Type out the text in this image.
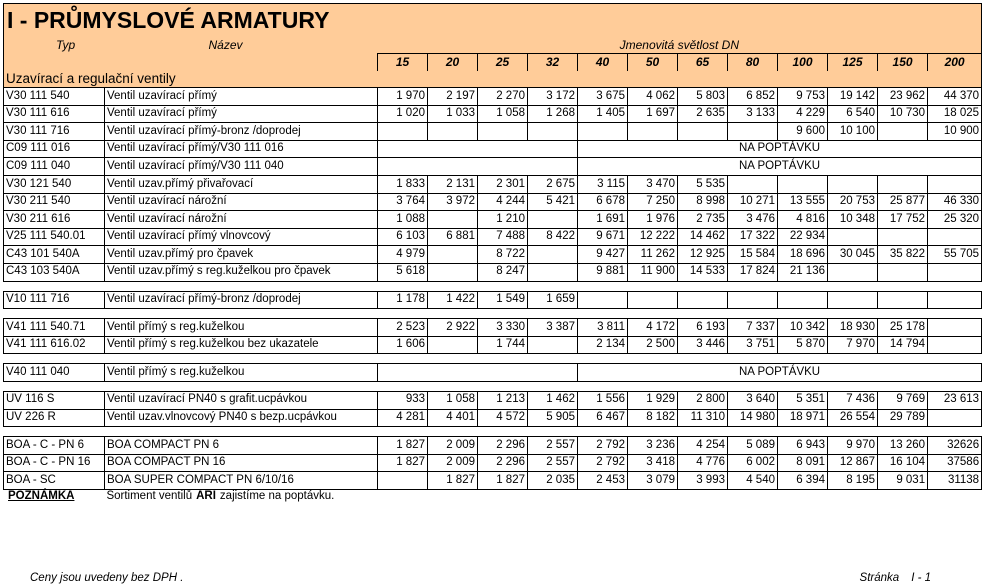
I - PRŮMYSLOVÉ ARMATURY													
Typ	Název	Jmenovitá světlost DN											
		15	20	25	32	40	50	65	80	100	125	150	200
Uzavírací a regulační ventily													
V30 111 540	Ventil uzavírací přímý	1 970	2 197	2 270	3 172	3 675	4 062	5 803	6 852	9 753	19 142	23 962	44 370
V30 111 616	Ventil uzavírací přímý	1 020	1 033	1 058	1 268	1 405	1 697	2 635	3 133	4 229	6 540	10 730	18 025
V30 111 716	Ventil uzavírací přímý-bronz /doprodej									9 600	10 100		10 900
C09 111 016	Ventil uzavírací přímý/V30 111 016					NA POPTÁVKU							
C09 111 040	Ventil uzavírací přímý/V30 111 040					NA POPTÁVKU							
V30 121 540	Ventil uzav.přímý přivařovací	1 833	2 131	2 301	2 675	3 115	3 470	5 535					
V30 211 540	Ventil uzavírací nárožní	3 764	3 972	4 244	5 421	6 678	7 250	8 998	10 271	13 555	20 753	25 877	46 330
V30 211 616	Ventil uzavírací nárožní	1 088		1 210		1 691	1 976	2 735	3 476	4 816	10 348	17 752	25 320
V25 111 540.01	Ventil uzavírací přímý vlnovcový	6 103	6 881	7 488	8 422	9 671	12 222	14 462	17 322	22 934			
C43 101 540A	Ventil uzav.přímý pro čpavek	4 979		8 722		9 427	11 262	12 925	15 584	18 696	30 045	35 822	55 705
C43 103 540A	Ventil uzav.přímý s reg.kuželkou pro čpavek	5 618		8 247		9 881	11 900	14 533	17 824	21 136			

V10 111 716	Ventil uzavírací přímý-bronz /doprodej	1 178	1 422	1 549	1 659								

V41 111 540.71	Ventil přímý s reg.kuželkou	2 523	2 922	3 330	3 387	3 811	4 172	6 193	7 337	10 342	18 930	25 178	
V41 111 616.02	Ventil přímý s reg.kuželkou bez ukazatele	1 606		1 744		2 134	2 500	3 446	3 751	5 870	7 970	14 794	

V40 111 040	Ventil přímý s reg.kuželkou					NA POPTÁVKU							

UV 116 S	Ventil uzavírací PN40 s grafit.ucpávkou	933	1 058	1 213	1 462	1 556	1 929	2 800	3 640	5 351	7 436	9 769	23 613
UV 226 R	Ventil uzav.vlnovcový PN40 s bezp.ucpávkou	4 281	4 401	4 572	5 905	6 467	8 182	11 310	14 980	18 971	26 554	29 789	

BOA - C - PN 6	BOA COMPACT PN 6	1 827	2 009	2 296	2 557	2 792	3 236	4 254	5 089	6 943	9 970	13 260	32626
BOA - C - PN 16	BOA COMPACT PN 16	1 827	2 009	2 296	2 557	2 792	3 418	4 776	6 002	8 091	12 867	16 104	37586
BOA - SC	BOA SUPER COMPACT PN 6/10/16		1 827	1 827	2 035	2 453	3 079	3 993	4 540	6 394	8 195	9 031	31138
POZNÁMKA	Sortiment ventilů ARI zajistíme na poptávku.
Ceny jsou uvedeny bez DPH .	Stránka I - 1
